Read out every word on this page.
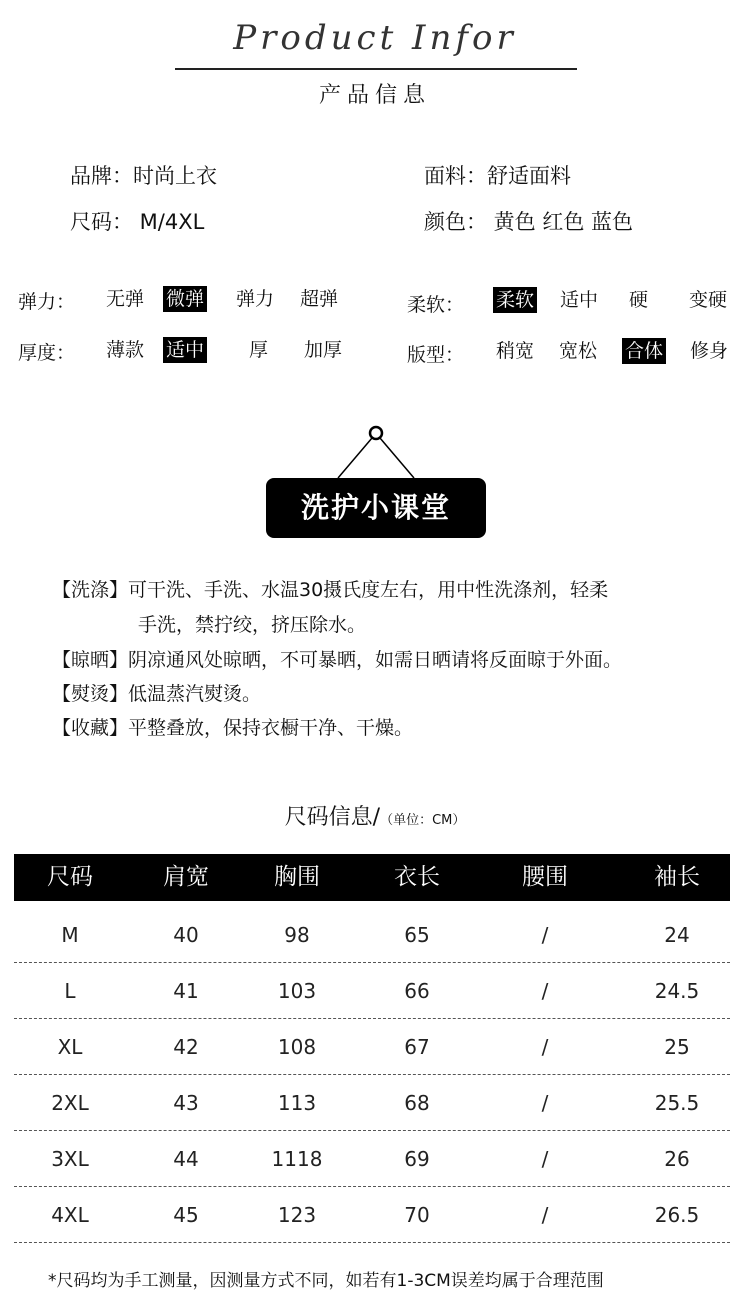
Product Infor
产品信息
品牌：时尚上衣	面料：舒适面料
尺码： M/4XL	颜色： 黄色 红色 蓝色
弹力： 无弹 微弹 弹力 超弹	柔软： 柔软 适中 硬 变硬
厚度： 薄款 适中 厚 加厚	版型： 稍宽 宽松 合体 修身
洗护小课堂
【洗涤】可干洗、手洗、水温30摄氏度左右，用中性洗涤剂，轻柔
手洗，禁拧绞，挤压除水。
【晾晒】阴凉通风处晾晒，不可暴晒，如需日晒请将反面晾于外面。
【熨烫】低温蒸汽熨烫。
【收藏】平整叠放，保持衣橱干净、干燥。
尺码信息/（单位：CM）
尺码	肩宽	胸围	衣长	腰围	袖长
M	40	98	65	/	24
L	41	103	66	/	24.5
XL	42	108	67	/	25
2XL	43	113	68	/	25.5
3XL	44	1118	69	/	26
4XL	45	123	70	/	26.5
*尺码均为手工测量，因测量方式不同，如若有1-3CM误差均属于合理范围
